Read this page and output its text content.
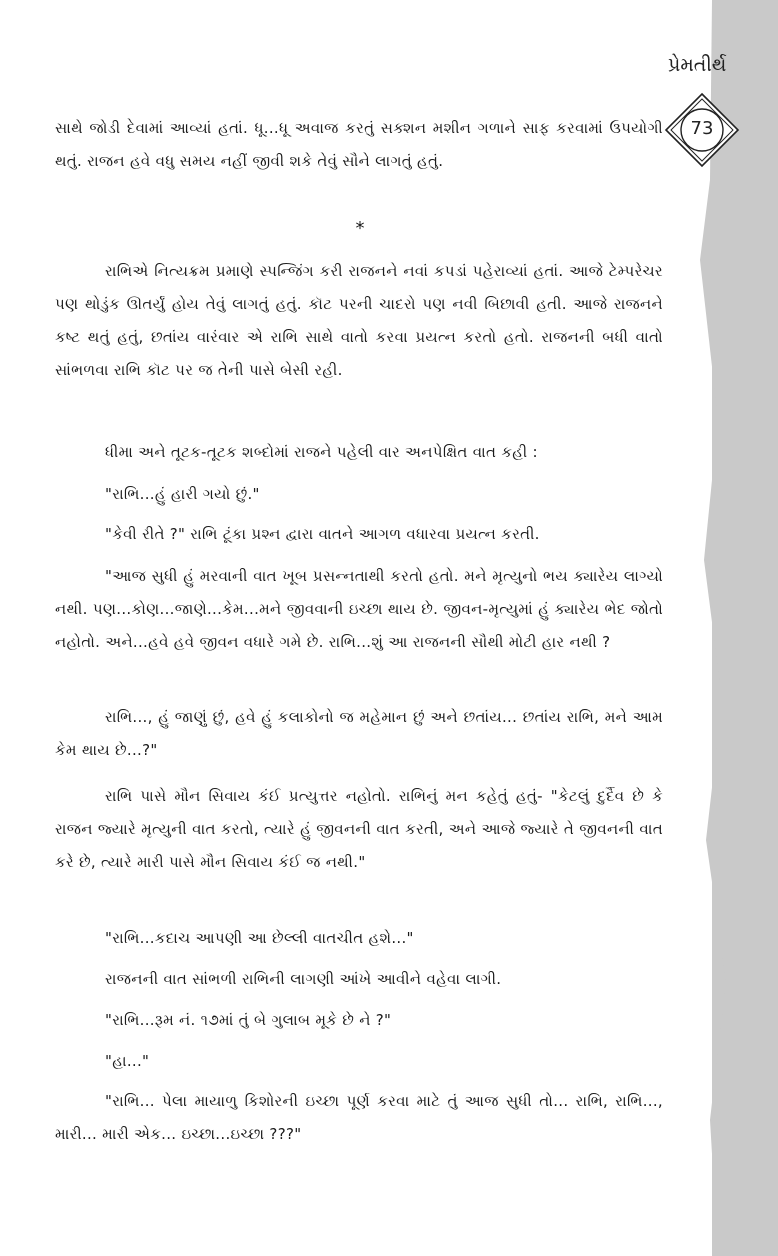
પ્રેમતીર્થ
73
સાથે જોડી દેવામાં આવ્યાં હતાં. ધૂ...ધૂ અવાજ કરતું સક્શન મશીન ગળાને સાફ કરવામાં ઉપયોગી થતું. રાજન હવે વધુ સમય નહીં જીવી શકે તેવું સૌને લાગતું હતું.
*
રાભિએ નિત્યક્રમ પ્રમાણે સ્પન્જિંગ કરી રાજનને નવાં કપડાં પહેરાવ્યાં હતાં. આજે ટેમ્પરેચર પણ થોડુંક ઊતર્યું હોય તેવું લાગતું હતું. કૉટ પરની ચાદરો પણ નવી બિછાવી હતી. આજે રાજનને કષ્ટ થતું હતું, છતાંય વારંવાર એ રાભિ સાથે વાતો કરવા પ્રયત્ન કરતો હતો. રાજનની બધી વાતો સાંભળવા રાભિ કૉટ પર જ તેની પાસે બેસી રહી.
ધીમા અને તૂટક-તૂટક શબ્દોમાં રાજને પહેલી વાર અનપેક્ષિત વાત કહી :
"રાભિ...હું હારી ગયો છું."
"કેવી રીતે ?" રાભિ ટૂંકા પ્રશ્ન દ્વારા વાતને આગળ વધારવા પ્રયત્ન કરતી.
"આજ સુધી હું મરવાની વાત ખૂબ પ્રસન્નતાથી કરતો હતો. મને મૃત્યુનો ભય ક્યારેય લાગ્યો નથી. પણ...કોણ...જાણે...કેમ...મને જીવવાની ઇચ્છા થાય છે. જીવન-મૃત્યુમાં હું ક્યારેય ભેદ જોતો નહોતો. અને...હવે હવે જીવન વધારે ગમે છે. રાભિ...શું આ રાજનની સૌથી મોટી હાર નથી ?
રાભિ..., હું જાણું છું, હવે હું કલાકોનો જ મહેમાન છું અને છતાંય... છતાંય રાભિ, મને આમ કેમ થાય છે...?"
રાભિ પાસે મૌન સિવાય કંઈ પ્રત્યુત્તર નહોતો. રાભિનું મન કહેતું હતું- "કેટલું દુર્દૈવ છે કે રાજન જ્યારે મૃત્યુની વાત કરતો, ત્યારે હું જીવનની વાત કરતી, અને આજે જ્યારે તે જીવનની વાત કરે છે, ત્યારે મારી પાસે મૌન સિવાય કંઈ જ નથી."
"રાભિ...કદાચ આપણી આ છેલ્લી વાતચીત હશે..."
રાજનની વાત સાંભળી રાભિની લાગણી આંખે આવીને વહેવા લાગી.
"રાભિ...રૂમ નં. ૧૭માં તું બે ગુલાબ મૂકે છે ને ?"
"હા..."
"રાભિ... પેલા માયાળુ કિશોરની ઇચ્છા પૂર્ણ કરવા માટે તું આજ સુધી તો... રાભિ, રાભિ..., મારી... મારી એક... ઇચ્છા...ઇચ્છા ???"
